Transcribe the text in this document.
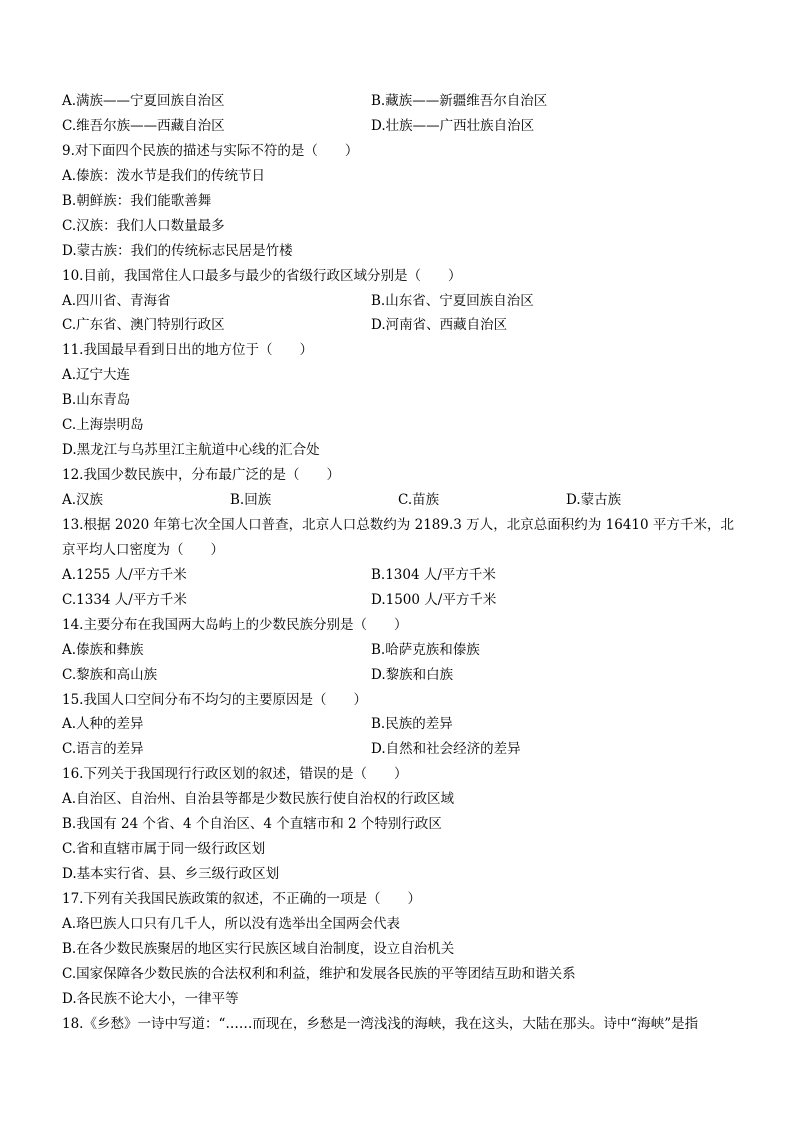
A.满族——宁夏回族自治区	B.藏族——新疆维吾尔自治区
C.维吾尔族——西藏自治区	D.壮族——广西壮族自治区
9.对下面四个民族的描述与实际不符的是（　　）
A.傣族：泼水节是我们的传统节日
B.朝鲜族：我们能歌善舞
C.汉族：我们人口数量最多
D.蒙古族：我们的传统标志民居是竹楼
10.目前，我国常住人口最多与最少的省级行政区域分别是（　　）
A.四川省、青海省	B.山东省、宁夏回族自治区
C.广东省、澳门特别行政区	D.河南省、西藏自治区
11.我国最早看到日出的地方位于（　　）
A.辽宁大连
B.山东青岛
C.上海崇明岛
D.黑龙江与乌苏里江主航道中心线的汇合处
12.我国少数民族中，分布最广泛的是（　　）
A.汉族	B.回族	C.苗族	D.蒙古族
13.根据 2020 年第七次全国人口普查，北京人口总数约为 2189.3 万人，北京总面积约为 16410 平方千米，北京平均人口密度为（　　）
A.1255 人/平方千米	B.1304 人/平方千米
C.1334 人/平方千米	D.1500 人/平方千米
14.主要分布在我国两大岛屿上的少数民族分别是（　　）
A.傣族和彝族	B.哈萨克族和傣族
C.黎族和高山族	D.黎族和白族
15.我国人口空间分布不均匀的主要原因是（　　）
A.人种的差异	B.民族的差异
C.语言的差异	D.自然和社会经济的差异
16.下列关于我国现行行政区划的叙述，错误的是（　　）
A.自治区、自治州、自治县等都是少数民族行使自治权的行政区域
B.我国有 24 个省、4 个自治区、4 个直辖市和 2 个特别行政区
C.省和直辖市属于同一级行政区划
D.基本实行省、县、乡三级行政区划
17.下列有关我国民族政策的叙述，不正确的一项是（　　）
A.珞巴族人口只有几千人，所以没有选举出全国两会代表
B.在各少数民族聚居的地区实行民族区域自治制度，设立自治机关
C.国家保障各少数民族的合法权利和利益，维护和发展各民族的平等团结互助和谐关系
D.各民族不论大小，一律平等
18.《乡愁》一诗中写道：“……而现在，乡愁是一湾浅浅的海峡，我在这头，大陆在那头。诗中“海峡”是指
